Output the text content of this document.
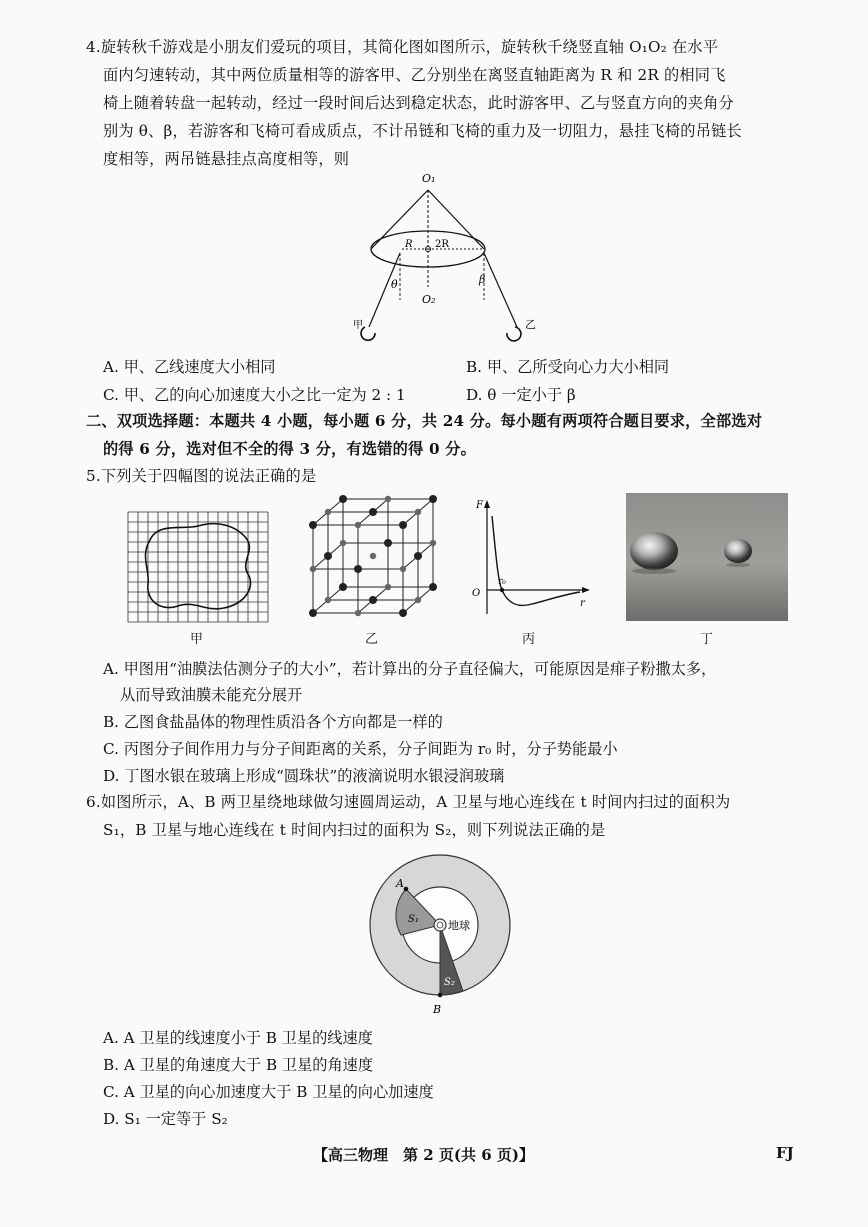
4.旋转秋千游戏是小朋友们爱玩的项目，其简化图如图所示，旋转秋千绕竖直轴 O₁O₂ 在水平
面内匀速转动，其中两位质量相等的游客甲、乙分别坐在离竖直轴距离为 R 和 2R 的相同飞
椅上随着转盘一起转动，经过一段时间后达到稳定状态，此时游客甲、乙与竖直方向的夹角分
别为 θ、β，若游客和飞椅可看成质点，不计吊链和飞椅的重力及一切阻力，悬挂飞椅的吊链长
度相等，两吊链悬挂点高度相等，则
O₁
O₂
R 2R
θ	β
甲	乙
A. 甲、乙线速度大小相同	B. 甲、乙所受向心力大小相同
C. 甲、乙的向心加速度大小之比一定为 2 : 1	D. θ 一定小于 β
二、双项选择题：本题共 4 小题，每小题 6 分，共 24 分。每小题有两项符合题目要求，全部选对
的得 6 分，选对但不全的得 3 分，有选错的得 0 分。
5.下列关于四幅图的说法正确的是
甲	乙
F
O
r₀
r
丙	丁
A. 甲图用“油膜法估测分子的大小”，若计算出的分子直径偏大，可能原因是痱子粉撒太多，
从而导致油膜未能充分展开
B. 乙图食盐晶体的物理性质沿各个方向都是一样的
C. 丙图分子间作用力与分子间距离的关系，分子间距为 r₀ 时，分子势能最小
D. 丁图水银在玻璃上形成“圆珠状”的液滴说明水银浸润玻璃
6.如图所示，A、B 两卫星绕地球做匀速圆周运动，A 卫星与地心连线在 t 时间内扫过的面积为
S₁，B 卫星与地心连线在 t 时间内扫过的面积为 S₂，则下列说法正确的是
A
B
S₁
S₂
地球
A. A 卫星的线速度小于 B 卫星的线速度
B. A 卫星的角速度大于 B 卫星的角速度
C. A 卫星的向心加速度大于 B 卫星的向心加速度
D. S₁ 一定等于 S₂
【高三物理　第 2 页(共 6 页)】	FJ
